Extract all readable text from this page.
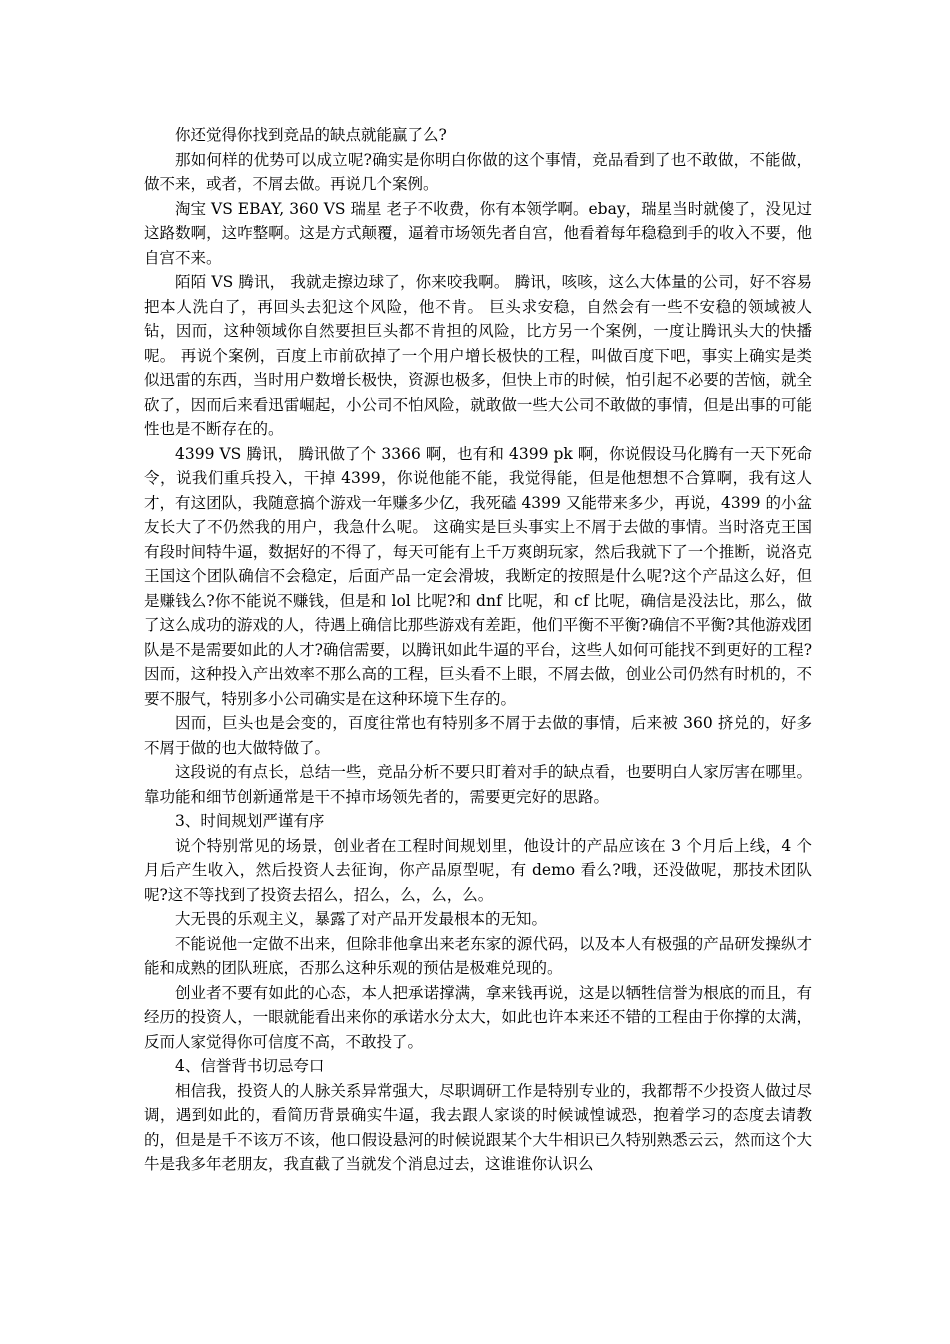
你还觉得你找到竞品的缺点就能赢了么?

那如何样的优势可以成立呢?确实是你明白你做的这个事情，竞品看到了也不敢做，不能做，做不来，或者，不屑去做。再说几个案例。

淘宝 VS EBAY, 360 VS 瑞星 老子不收费，你有本领学啊。ebay，瑞星当时就傻了，没见过这路数啊，这咋整啊。这是方式颠覆，逼着市场领先者自宫，他看着每年稳稳到手的收入不要，他自宫不来。

陌陌 VS 腾讯， 我就走擦边球了，你来咬我啊。 腾讯，咳咳，这么大体量的公司，好不容易把本人洗白了，再回头去犯这个风险，他不肯。 巨头求安稳，自然会有一些不安稳的领域被人钻，因而，这种领域你自然要担巨头都不肯担的风险，比方另一个案例，一度让腾讯头大的快播呢。 再说个案例，百度上市前砍掉了一个用户增长极快的工程，叫做百度下吧，事实上确实是类似迅雷的东西，当时用户数增长极快，资源也极多，但快上市的时候，怕引起不必要的苦恼，就全砍了，因而后来看迅雷崛起，小公司不怕风险，就敢做一些大公司不敢做的事情，但是出事的可能性也是不断存在的。

4399 VS 腾讯， 腾讯做了个 3366 啊，也有和 4399 pk 啊，你说假设马化腾有一天下死命令，说我们重兵投入，干掉 4399，你说他能不能，我觉得能，但是他想想不合算啊，我有这人才，有这团队，我随意搞个游戏一年赚多少亿，我死磕 4399 又能带来多少，再说，4399 的小盆友长大了不仍然我的用户，我急什么呢。 这确实是巨头事实上不屑于去做的事情。当时洛克王国有段时间特牛逼，数据好的不得了，每天可能有上千万爽朗玩家，然后我就下了一个推断，说洛克王国这个团队确信不会稳定，后面产品一定会滑坡，我断定的按照是什么呢?这个产品这么好，但是赚钱么?你不能说不赚钱，但是和 lol 比呢?和 dnf 比呢，和 cf 比呢，确信是没法比，那么，做了这么成功的游戏的人，待遇上确信比那些游戏有差距，他们平衡不平衡?确信不平衡?其他游戏团队是不是需要如此的人才?确信需要，以腾讯如此牛逼的平台，这些人如何可能找不到更好的工程?因而，这种投入产出效率不那么高的工程，巨头看不上眼，不屑去做，创业公司仍然有时机的，不要不服气，特别多小公司确实是在这种环境下生存的。

因而，巨头也是会变的，百度往常也有特别多不屑于去做的事情，后来被 360 挤兑的，好多不屑于做的也大做特做了。

这段说的有点长，总结一些，竞品分析不要只盯着对手的缺点看，也要明白人家厉害在哪里。靠功能和细节创新通常是干不掉市场领先者的，需要更完好的思路。

3、时间规划严谨有序

说个特别常见的场景，创业者在工程时间规划里，他设计的产品应该在 3 个月后上线，4 个月后产生收入，然后投资人去征询，你产品原型呢，有 demo 看么?哦，还没做呢，那技术团队呢?这不等找到了投资去招么，招么，么，么，么。

大无畏的乐观主义，暴露了对产品开发最根本的无知。

不能说他一定做不出来，但除非他拿出来老东家的源代码，以及本人有极强的产品研发操纵才能和成熟的团队班底，否那么这种乐观的预估是极难兑现的。

创业者不要有如此的心态，本人把承诺撑满，拿来钱再说，这是以牺牲信誉为根底的而且，有经历的投资人，一眼就能看出来你的承诺水分太大，如此也许本来还不错的工程由于你撑的太满，反而人家觉得你可信度不高，不敢投了。

4、信誉背书切忌夸口

相信我，投资人的人脉关系异常强大，尽职调研工作是特别专业的，我都帮不少投资人做过尽调，遇到如此的，看简历背景确实牛逼，我去跟人家谈的时候诚惶诚恐，抱着学习的态度去请教的，但是是千不该万不该，他口假设悬河的时候说跟某个大牛相识已久特别熟悉云云，然而这个大牛是我多年老朋友，我直截了当就发个消息过去，这谁谁你认识么
